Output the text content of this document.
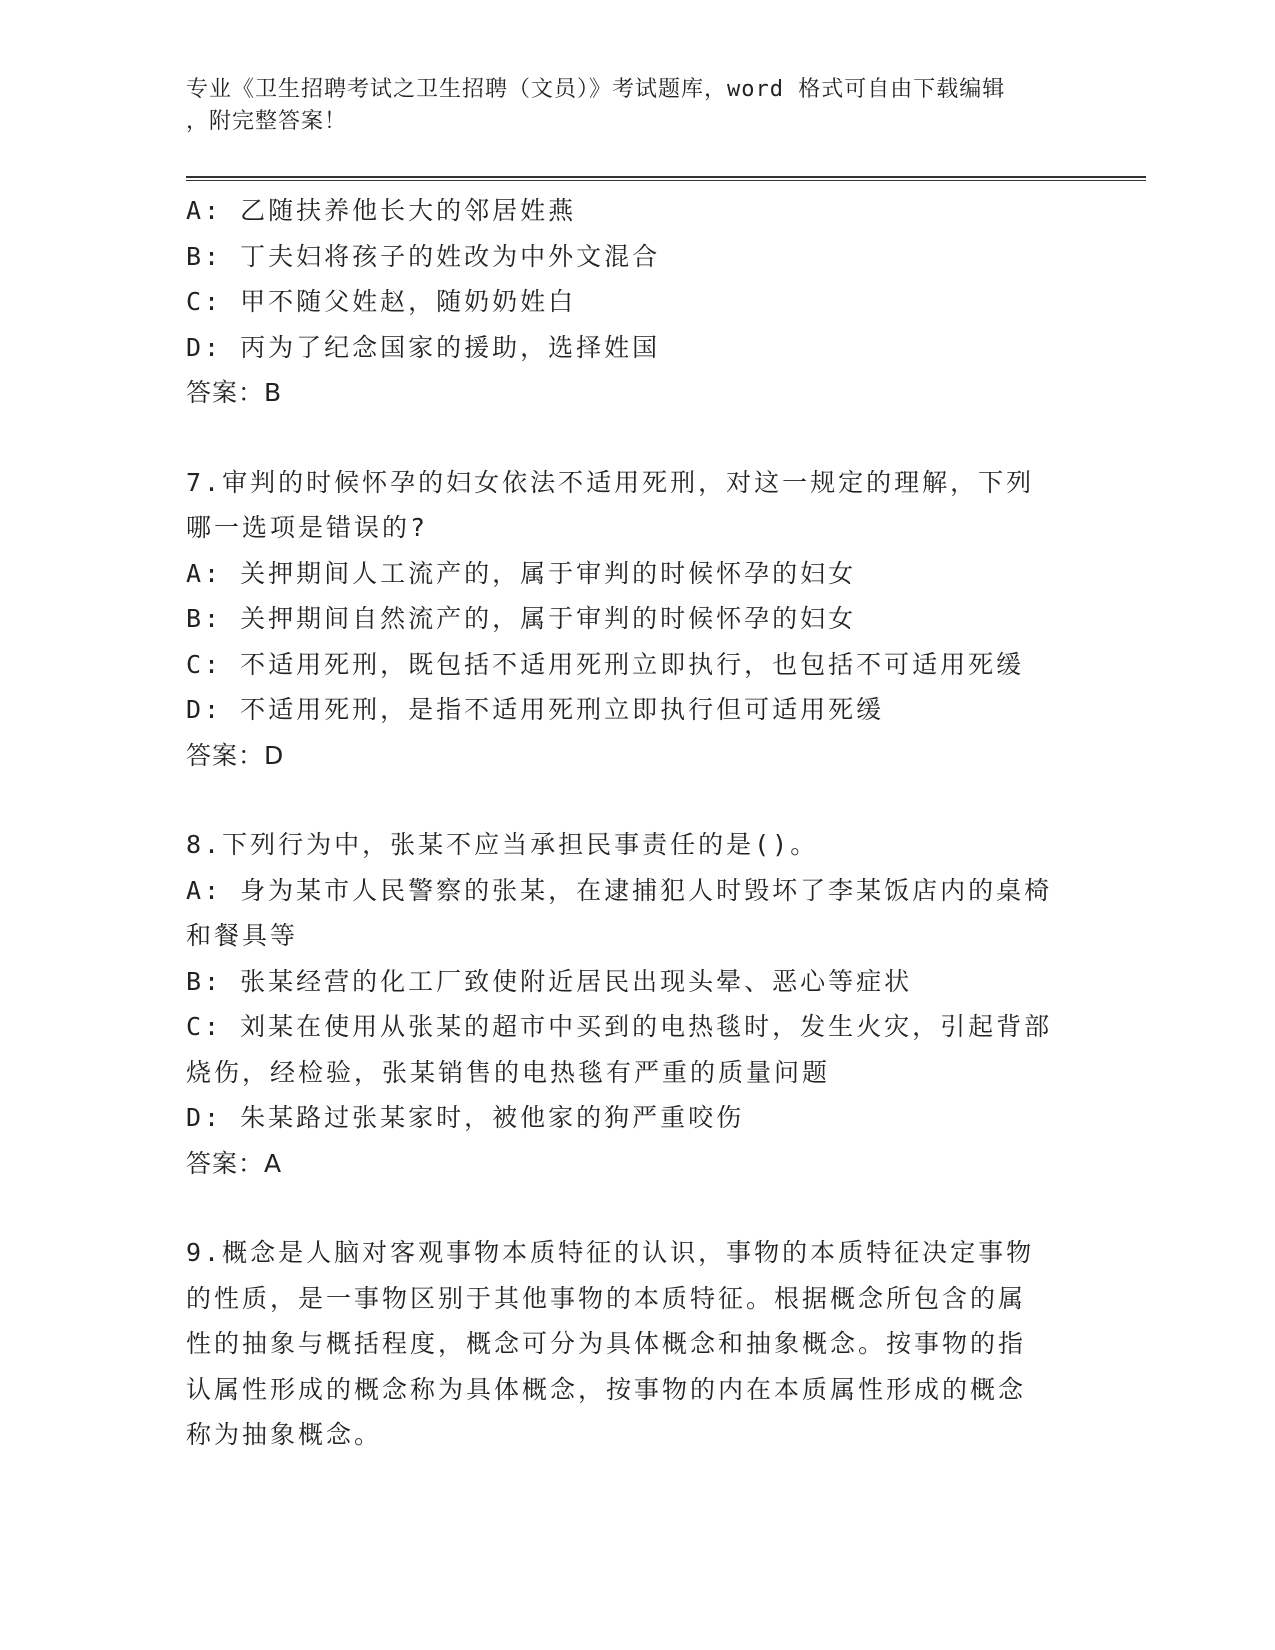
专业《卫生招聘考试之卫生招聘（文员）》考试题库，word 格式可自由下载编辑
，附完整答案！

A: 乙随扶养他长大的邻居姓燕

B: 丁夫妇将孩子的姓改为中外文混合

C: 甲不随父姓赵，随奶奶姓白

D: 丙为了纪念国家的援助，选择姓国

答案：B

7.审判的时候怀孕的妇女依法不适用死刑，对这一规定的理解，下列

哪一选项是错误的?

A: 关押期间人工流产的，属于审判的时候怀孕的妇女

B: 关押期间自然流产的，属于审判的时候怀孕的妇女

C: 不适用死刑，既包括不适用死刑立即执行，也包括不可适用死缓

D: 不适用死刑，是指不适用死刑立即执行但可适用死缓

答案：D

8.下列行为中，张某不应当承担民事责任的是()。

A: 身为某市人民警察的张某，在逮捕犯人时毁坏了李某饭店内的桌椅

和餐具等

B: 张某经营的化工厂致使附近居民出现头晕、恶心等症状

C: 刘某在使用从张某的超市中买到的电热毯时，发生火灾，引起背部

烧伤，经检验，张某销售的电热毯有严重的质量问题

D: 朱某路过张某家时，被他家的狗严重咬伤

答案：A

9.概念是人脑对客观事物本质特征的认识，事物的本质特征决定事物

的性质，是一事物区别于其他事物的本质特征。根据概念所包含的属

性的抽象与概括程度，概念可分为具体概念和抽象概念。按事物的指

认属性形成的概念称为具体概念，按事物的内在本质属性形成的概念

称为抽象概念。
